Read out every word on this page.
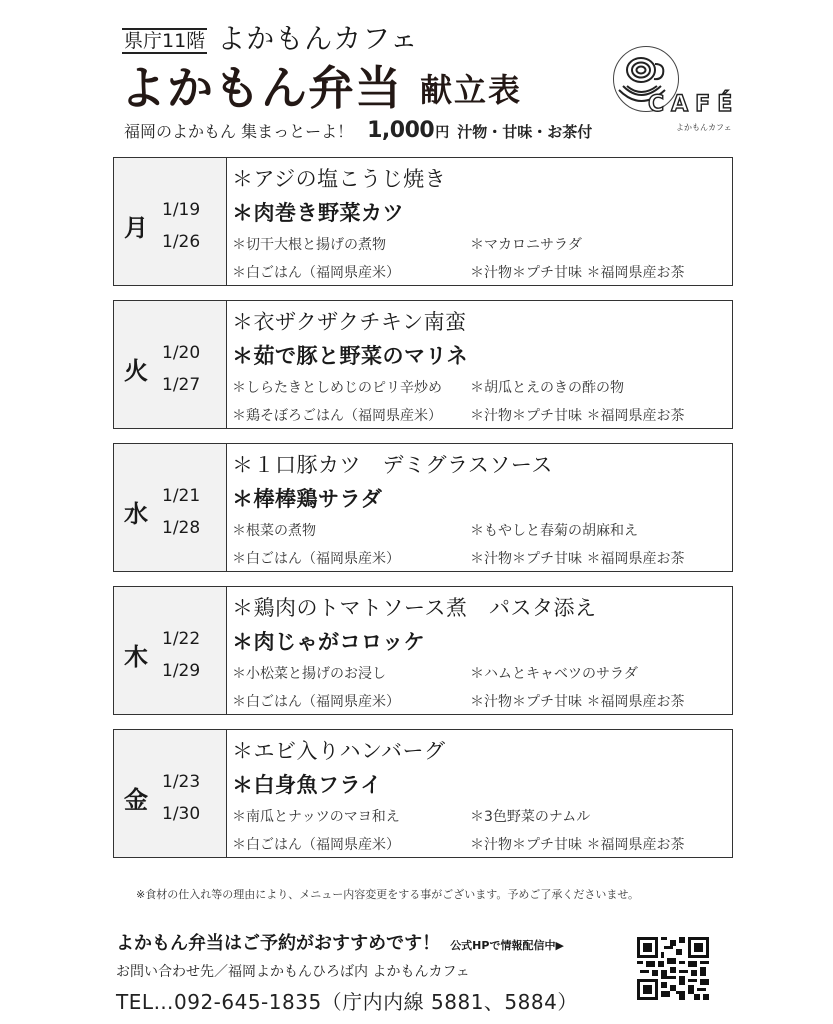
県庁11階 よかもんカフェ
よかもん弁当 献立表	CAFÉ
よかもんカフェ
福岡のよかもん 集まっとーよ！ 1,000 円 汁物・甘味・お茶付
月
1/19
1/26
＊アジの塩こうじ焼き
＊肉巻き野菜カツ
＊切干大根と揚げの煮物	＊マカロニサラダ
＊白ごはん（福岡県産米）	＊汁物＊プチ甘味 ＊福岡県産お茶
火
1/20
1/27
＊衣ザクザクチキン南蛮
＊茹で豚と野菜のマリネ
＊しらたきとしめじのピリ辛炒め ＊胡瓜とえのきの酢の物
＊鶏そぼろごはん（福岡県産米） ＊汁物＊プチ甘味 ＊福岡県産お茶
水
1/21
1/28
＊１口豚カツ　デミグラスソース
＊棒棒鶏サラダ
＊根菜の煮物	＊もやしと春菊の胡麻和え
＊白ごはん（福岡県産米）	＊汁物＊プチ甘味 ＊福岡県産お茶
木
1/22
1/29
＊鶏肉のトマトソース煮　パスタ添え
＊肉じゃがコロッケ
＊小松菜と揚げのお浸し	＊ハムとキャベツのサラダ
＊白ごはん（福岡県産米）	＊汁物＊プチ甘味 ＊福岡県産お茶
金
1/23
1/30
＊エビ入りハンバーグ
＊白身魚フライ
＊南瓜とナッツのマヨ和え	＊3色野菜のナムル
＊白ごはん（福岡県産米）	＊汁物＊プチ甘味 ＊福岡県産お茶
※食材の仕入れ等の理由により、メニュー内容変更をする事がございます。予めご了承くださいませ。
よかもん弁当はご予約がおすすめです！ 公式HPで情報配信中▶
お問い合わせ先／福岡よかもんひろば内 よかもんカフェ
TEL…092-645-1835（庁内内線 5881、5884）
